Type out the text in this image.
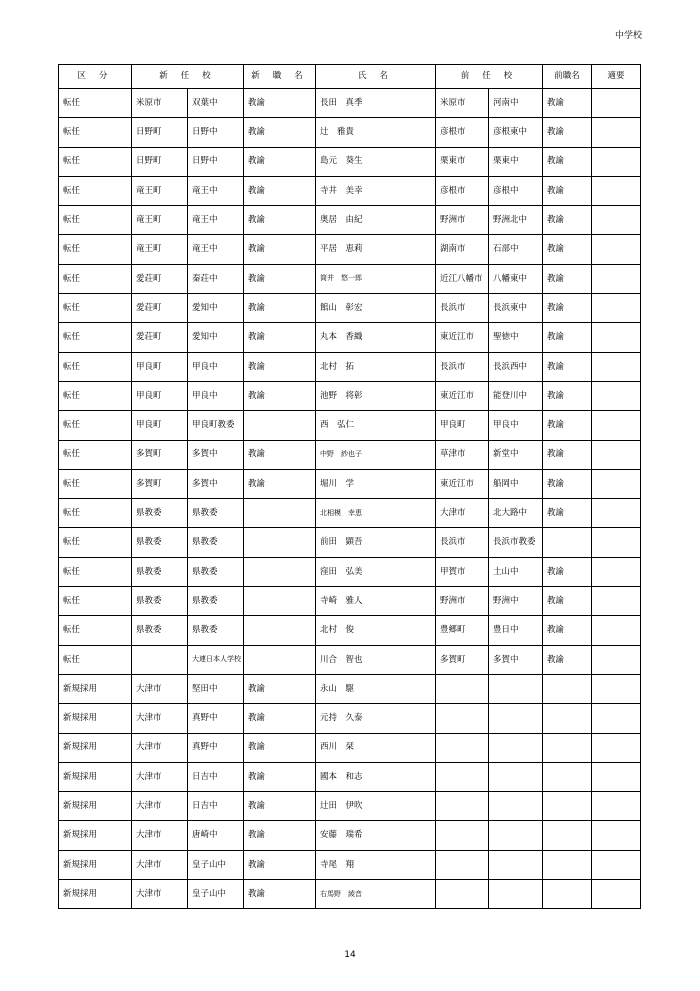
中学校
区 分	新 任 校		新 職 名	氏 名	前 任 校		前職名	適要
転任	米原市	双葉中	教諭	長田　真季	米原市	河南中	教諭	
転任	日野町	日野中	教諭	辻　雅貴	彦根市	彦根東中	教諭	
転任	日野町	日野中	教諭	島元　葵生	栗東市	栗東中	教諭	
転任	竜王町	竜王中	教諭	寺井　美幸	彦根市	彦根中	教諭	
転任	竜王町	竜王中	教諭	奥居　由紀	野洲市	野洲北中	教諭	
転任	竜王町	竜王中	教諭	平居　恵莉	湖南市	石部中	教諭	
転任	愛荘町	秦荘中	教諭	筒井　悠一郎	近江八幡市	八幡東中	教諭	
転任	愛荘町	愛知中	教諭	館山　彰宏	長浜市	長浜東中	教諭	
転任	愛荘町	愛知中	教諭	丸本　香織	東近江市	聖徳中	教諭	
転任	甲良町	甲良中	教諭	北村　拓	長浜市	長浜西中	教諭	
転任	甲良町	甲良中	教諭	池野　将彰	東近江市	能登川中	教諭	
転任	甲良町	甲良町教委		西　弘仁	甲良町	甲良中	教諭	
転任	多賀町	多賀中	教諭	中野　紗也子	草津市	新堂中	教諭	
転任	多賀町	多賀中	教諭	堀川　学	東近江市	船岡中	教諭	
転任	県教委	県教委		北相模　幸恵	大津市	北大路中	教諭	
転任	県教委	県教委		前田　顕吾	長浜市	長浜市教委		
転任	県教委	県教委		窪田　弘美	甲賀市	土山中	教諭	
転任	県教委	県教委		寺崎　雅人	野洲市	野洲中	教諭	
転任	県教委	県教委		北村　俊	豊郷町	豊日中	教諭	
転任		大連日本人学校		川合　智也	多賀町	多賀中	教諭	
新規採用	大津市	堅田中	教諭	永山　駆				
新規採用	大津市	真野中	教諭	元持　久泰				
新規採用	大津市	真野中	教諭	西川　栞				
新規採用	大津市	日吉中	教諭	國本　和志				
新規採用	大津市	日吉中	教諭	辻田　伊吹				
新規採用	大津市	唐崎中	教諭	安藤　瑞希				
新規採用	大津市	皇子山中	教諭	寺尾　翔				
新規採用	大津市	皇子山中	教諭	右馬野　綾音				
14
